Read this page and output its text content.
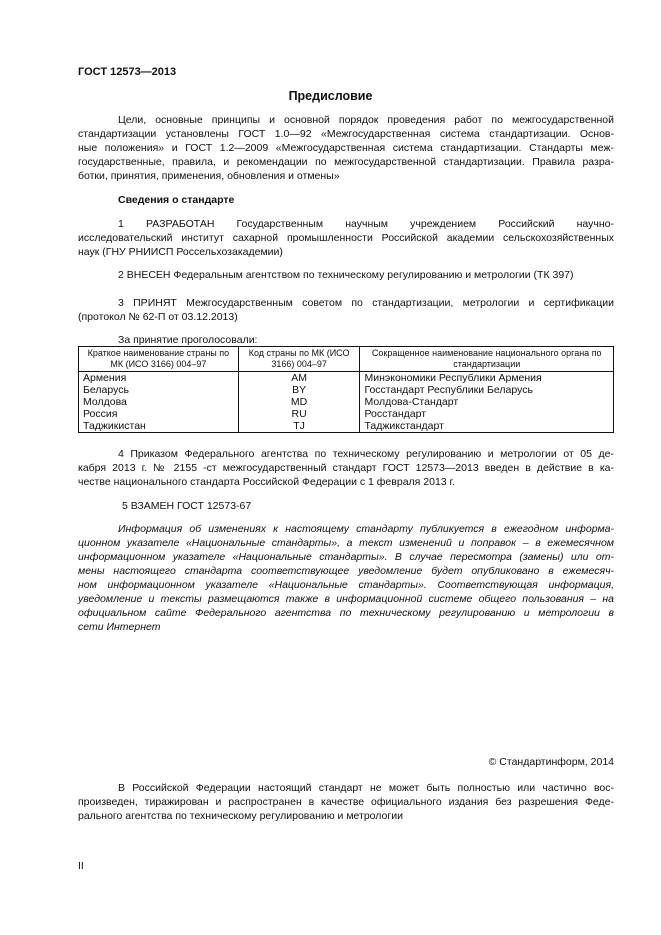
ГОСТ 12573—2013
Предисловие
Цели, основные принципы и основной порядок проведения работ по межгосударственной
стандартизации установлены ГОСТ 1.0—92 «Межгосударственная система стандартизации. Основ-
ные положения» и ГОСТ 1.2—2009 «Межгосударственная система стандартизации. Стандарты меж-
государственные, правила, и рекомендации по межгосударственной стандартизации. Правила разра-
ботки, принятия, применения, обновления и отмены»
Сведения о стандарте
1 РАЗРАБОТАН Государственным научным учреждением Российский научно-
исследовательский институт сахарной промышленности Российской академии сельскохозяйственных
наук (ГНУ РНИИСП Россельхозакадемии)
2 ВНЕСЕН Федеральным агентством по техническому регулированию и метрологии (ТК 397)
3 ПРИНЯТ Межгосударственным советом по стандартизации, метрологии и сертификации
(протокол № 62-П от 03.12.2013)
За принятие проголосовали:
Краткое наименование страны по МК (ИСО 3166) 004–97	Код страны по МК (ИСО 3166) 004–97	Сокращенное наименование национального органа по стандартизации
Армения	AM	Минэкономики Республики Армения
Беларусь	BY	Госстандарт Республики Беларусь
Молдова	MD	Молдова-Стандарт
Россия	RU	Росстандарт
Таджикистан	TJ	Таджикстандарт
4 Приказом Федерального агентства по техническому регулированию и метрологии от 05 де-
кабря 2013 г. № 2155 -ст межгосударственный стандарт ГОСТ 12573—2013 введен в действие в ка-
честве национального стандарта Российской Федерации с 1 февраля 2013 г.
5 ВЗАМЕН ГОСТ 12573-67
Информация об изменениях к настоящему стандарту публикуется в ежегодном информа-
ционном указателе «Национальные стандарты», а текст изменений и поправок – в ежемесячном
информационном указателе «Национальные стандарты». В случае пересмотра (замены) или от-
мены настоящего стандарта соответствующее уведомление будет опубликовано в ежемесяч-
ном информационном указателе «Национальные стандарты». Соответствующая информация,
уведомление и тексты размещаются также в информационной системе общего пользования – на
официальном сайте Федерального агентства по техническому регулированию и метрологии в
сети Интернет
© Стандартинформ, 2014
В Российской Федерации настоящий стандарт не может быть полностью или частично вос-
произведен, тиражирован и распространен в качестве официального издания без разрешения Феде-
рального агентства по техническому регулированию и метрологии
II
